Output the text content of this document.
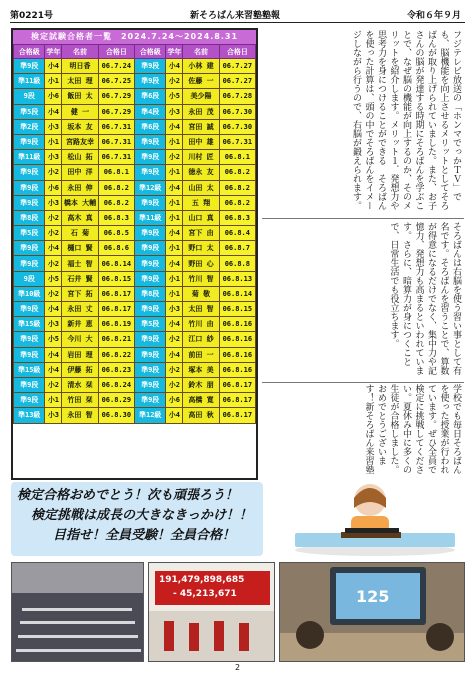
第0221号	新そろばん来習塾塾報	令和６年９月
検定試験合格者一覧　2024.7.24〜2024.8.31
合格級	学年	名前	合格日	合格級	学年	名前	合格日
準9段	小4	明日香	06.7.24	準9段	小4	小林 建	06.7.27
準11級	小1	太田 理	06.7.25	準9段	小2	佐藤 一	06.7.27
9段	小6	飯田 太	06.7.29	準6段	小5	美少陽	06.7.28
準5段	小4	健 一	06.7.29	準4段	小3	永田 茂	06.7.30
準2段	小3	坂本 友	06.7.31	準6段	小4	宮田 誠	06.7.30
準9段	小1	宮路友幸	06.7.31	準9段	小1	田中 雄	06.7.31
準11級	小3	松山 拓	06.7.31	準9段	小2	川村 匠	06.8.1
準9段	小2	田中 洋	06.8.1	準9段	小1	徳永 友	06.8.2
準9段	小6	永田 伸	06.8.2	準12級	小4	山田 太	06.8.2
準9段	小3	橋本 大輔	06.8.2	準9段	小1	五 翔	06.8.2
準8段	小2	高木 真	06.8.3	準11級	小1	山口 真	06.8.3
準5段	小2	石 菊	06.8.5	準9段	小4	宮下 由	06.8.4
準9段	小4	樋口 賢	06.8.6	準9段	小1	野口 太	06.8.7
準9段	小2	福士 智	06.8.14	準9段	小4	野田 心	06.8.8
9段	小5	石井 賢	06.8.15	準9段	小1	竹川 智	06.8.13
準10級	小2	宮下 拓	06.8.17	準8段	小1	菊 敬	06.8.14
準9段	小4	永田 丈	06.8.17	準9段	小3	太田 智	06.8.15
準15級	小3	新井 恵	06.8.19	準5段	小4	竹川 由	06.8.16
準9段	小5	今川 大	06.8.21	準9段	小2	江口 紗	06.8.16
準9段	小4	岩田 理	06.8.22	準9段	小4	前田 一	06.8.16
準15級	小4	伊藤 拓	06.8.23	準9段	小2	塚本 美	06.8.16
準9段	小2	清水 栞	06.8.24	準9段	小2	鈴木 朋	06.8.17
準9段	小1	竹田 栞	06.8.29	準9段	小6	高橋 寛	06.8.17
準13級	小3	永田 智	06.8.30	準12級	小4	高田 秋	06.8.17
フジテレビ放送の「ホンマでっかＴＶ」でも、脳機能を向上させるメリットとしてそろばんが取り上げられていました。また、お子さんの脳が発達する時期にそろばんを学ぶことで、なぜ脳の機能が向上するのか、そのメリットを紹介します。メリット１．発想力や思考力を身につけることができる　そろばんを使った計算は、頭の中でそろばんをイメージしながら行うので、右脳が鍛えられます。
そろばんは右脳を使う習い事として有名です。そろばんを習うことで、算数が得意になるだけでなく、集中力や記憶力、発想力も高まるといわれています。さらに、暗算力が身につくことで、日常生活でも役立ちます。
学校でも毎日そろばんを使った授業が行われています。ぜひ全員で検定に挑戦してください。夏休み中に多くの生徒が合格しました。おめでとうございます！新そろばん来習塾
検定合格おめでとう！次も頑張ろう！
検定挑戦は成長の大きなきっかけ！！
目指せ！全員受験！全員合格！
191,479,898,685
- 45,213,671	125
2
